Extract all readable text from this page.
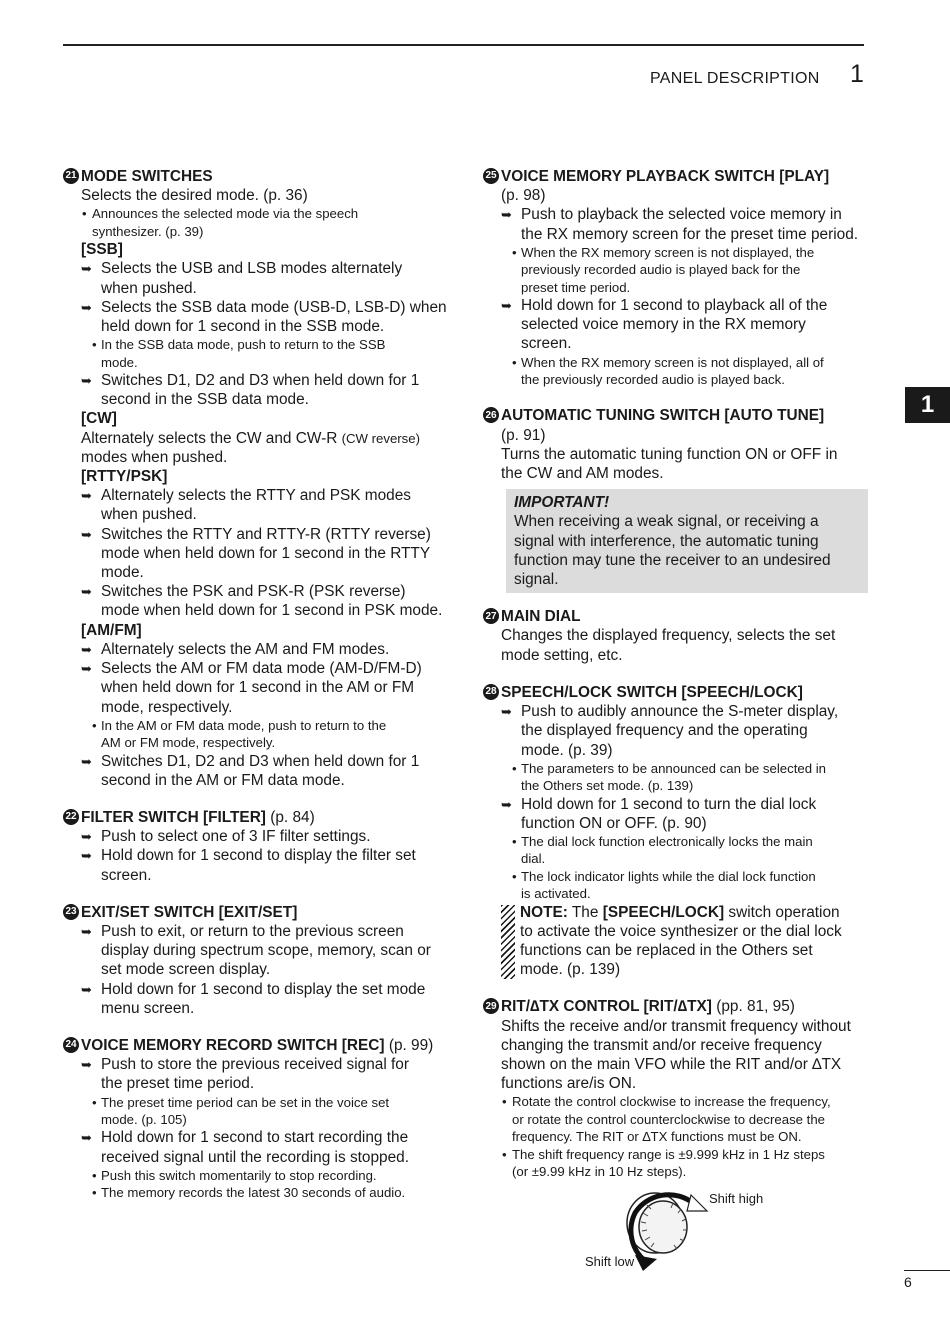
PANEL DESCRIPTION 1
1
21 MODE SWITCHES
Selects the desired mode. (p. 36)
• Announces the selected mode via the speech
synthesizer. (p. 39)
[SSB]
➥ Selects the USB and LSB modes alternately
when pushed.
➥ Selects the SSB data mode (USB-D, LSB-D) when
held down for 1 second in the SSB mode.
• In the SSB data mode, push to return to the SSB
mode.
➥ Switches D1, D2 and D3 when held down for 1
second in the SSB data mode.
[CW]
Alternately selects the CW and CW-R (CW reverse)
modes when pushed.
[RTTY/PSK]
➥ Alternately selects the RTTY and PSK modes
when pushed.
➥ Switches the RTTY and RTTY-R (RTTY reverse)
mode when held down for 1 second in the RTTY
mode.
➥ Switches the PSK and PSK-R (PSK reverse)
mode when held down for 1 second in PSK mode.
[AM/FM]
➥ Alternately selects the AM and FM modes.
➥ Selects the AM or FM data mode (AM-D/FM-D)
when held down for 1 second in the AM or FM
mode, respectively.
• In the AM or FM data mode, push to return to the
AM or FM mode, respectively.
➥ Switches D1, D2 and D3 when held down for 1
second in the AM or FM data mode.
22 FILTER SWITCH [FILTER] (p. 84)
➥ Push to select one of 3 IF filter settings.
➥ Hold down for 1 second to display the filter set
screen.
23 EXIT/SET SWITCH [EXIT/SET]
➥ Push to exit, or return to the previous screen
display during spectrum scope, memory, scan or
set mode screen display.
➥ Hold down for 1 second to display the set mode
menu screen.
24 VOICE MEMORY RECORD SWITCH [REC] (p. 99)
➥ Push to store the previous received signal for
the preset time period.
• The preset time period can be set in the voice set
mode. (p. 105)
➥ Hold down for 1 second to start recording the
received signal until the recording is stopped.
• Push this switch momentarily to stop recording.
• The memory records the latest 30 seconds of audio.
25 VOICE MEMORY PLAYBACK SWITCH [PLAY]
(p. 98)
➥ Push to playback the selected voice memory in
the RX memory screen for the preset time period.
• When the RX memory screen is not displayed, the
previously recorded audio is played back for the
preset time period.
➥ Hold down for 1 second to playback all of the
selected voice memory in the RX memory
screen.
• When the RX memory screen is not displayed, all of
the previously recorded audio is played back.
26 AUTOMATIC TUNING SWITCH [AUTO TUNE]
(p. 91)
Turns the automatic tuning function ON or OFF in
the CW and AM modes.
IMPORTANT!
When receiving a weak signal, or receiving a
signal with interference, the automatic tuning
function may tune the receiver to an undesired
signal.
27 MAIN DIAL
Changes the displayed frequency, selects the set
mode setting, etc.
28 SPEECH/LOCK SWITCH [SPEECH/LOCK]
➥ Push to audibly announce the S-meter display,
the displayed frequency and the operating
mode. (p. 39)
• The parameters to be announced can be selected in
the Others set mode. (p. 139)
➥ Hold down for 1 second to turn the dial lock
function ON or OFF. (p. 90)
• The dial lock function electronically locks the main
dial.
• The lock indicator lights while the dial lock function
is activated.
NOTE: The [SPEECH/LOCK] switch operation
to activate the voice synthesizer or the dial lock
functions can be replaced in the Others set
mode. (p. 139)
29 RIT/∆TX CONTROL [RIT/∆TX] (pp. 81, 95)
Shifts the receive and/or transmit frequency without
changing the transmit and/or receive frequency
shown on the main VFO while the RIT and/or ∆TX
functions are/is ON.
• Rotate the control clockwise to increase the frequency,
or rotate the control counterclockwise to decrease the
frequency. The RIT or ∆TX functions must be ON.
• The shift frequency range is ±9.999 kHz in 1 Hz steps
(or ±9.99 kHz in 10 Hz steps).
Shift high
Shift low
6
